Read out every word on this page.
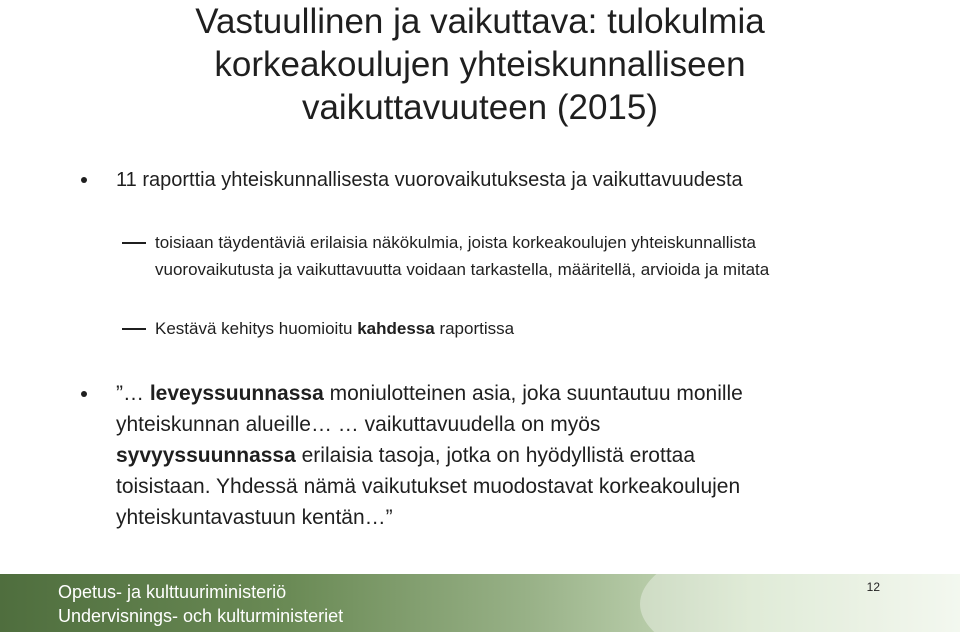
Vastuullinen ja vaikuttava: tulokulmia
korkeakoulujen yhteiskunnalliseen
vaikuttavuuteen (2015)
11 raporttia yhteiskunnallisesta vuorovaikutuksesta ja vaikuttavuudesta
toisiaan täydentäviä erilaisia näkökulmia, joista korkeakoulujen yhteiskunnallista vuorovaikutusta ja vaikuttavuutta voidaan tarkastella, määritellä, arvioida ja mitata
Kestävä kehitys huomioitu kahdessa raportissa
”… leveyssuunnassa moniulotteinen asia, joka suuntautuu monille
yhteiskunnan alueille… … vaikuttavuudella on myös
syvyyssuunnassa erilaisia tasoja, jotka on hyödyllistä erottaa
toisistaan. Yhdessä nämä vaikutukset muodostavat korkeakoulujen
yhteiskuntavastuun kentän…”
Opetus- ja kulttuuriministeriö
Undervisnings- och kulturministeriet
12
